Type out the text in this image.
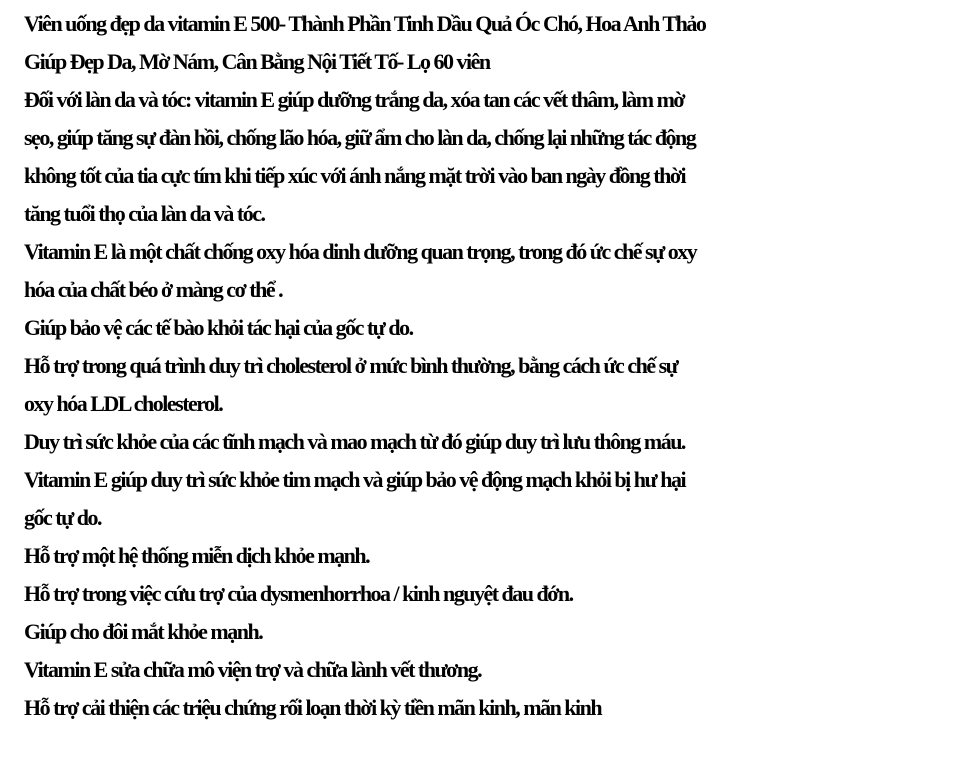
Viên uống đẹp da vitamin E 500- Thành Phần Tinh Dầu Quả Óc Chó, Hoa Anh Thảo
Giúp Đẹp Da, Mờ Nám, Cân Bằng Nội Tiết Tố- Lọ 60 viên
Đối với làn da và tóc: vitamin E giúp dưỡng trắng da, xóa tan các vết thâm, làm mờ
sẹo, giúp tăng sự đàn hồi, chống lão hóa, giữ ẩm cho làn da, chống lại những tác động
không tốt của tia cực tím khi tiếp xúc với ánh nắng mặt trời vào ban ngày đồng thời
tăng tuổi thọ của làn da và tóc.
Vitamin E là một chất chống oxy hóa dinh dưỡng quan trọng, trong đó ức chế sự oxy
hóa của chất béo ở màng cơ thể .
Giúp bảo vệ các tế bào khỏi tác hại của gốc tự do.
Hỗ trợ trong quá trình duy trì cholesterol ở mức bình thường, bằng cách ức chế sự
oxy hóa LDL cholesterol.
Duy trì sức khỏe của các tĩnh mạch và mao mạch từ đó giúp duy trì lưu thông máu.
Vitamin E giúp duy trì sức khỏe tim mạch và giúp bảo vệ động mạch khỏi bị hư hại
gốc tự do.
Hỗ trợ một hệ thống miễn dịch khỏe mạnh.
Hỗ trợ trong việc cứu trợ của dysmenhorrhoa / kinh nguyệt đau đớn.
Giúp cho đôi mắt khỏe mạnh.
Vitamin E sửa chữa mô viện trợ và chữa lành vết thương.
Hỗ trợ cải thiện các triệu chứng rối loạn thời kỳ tiền mãn kinh, mãn kinh
